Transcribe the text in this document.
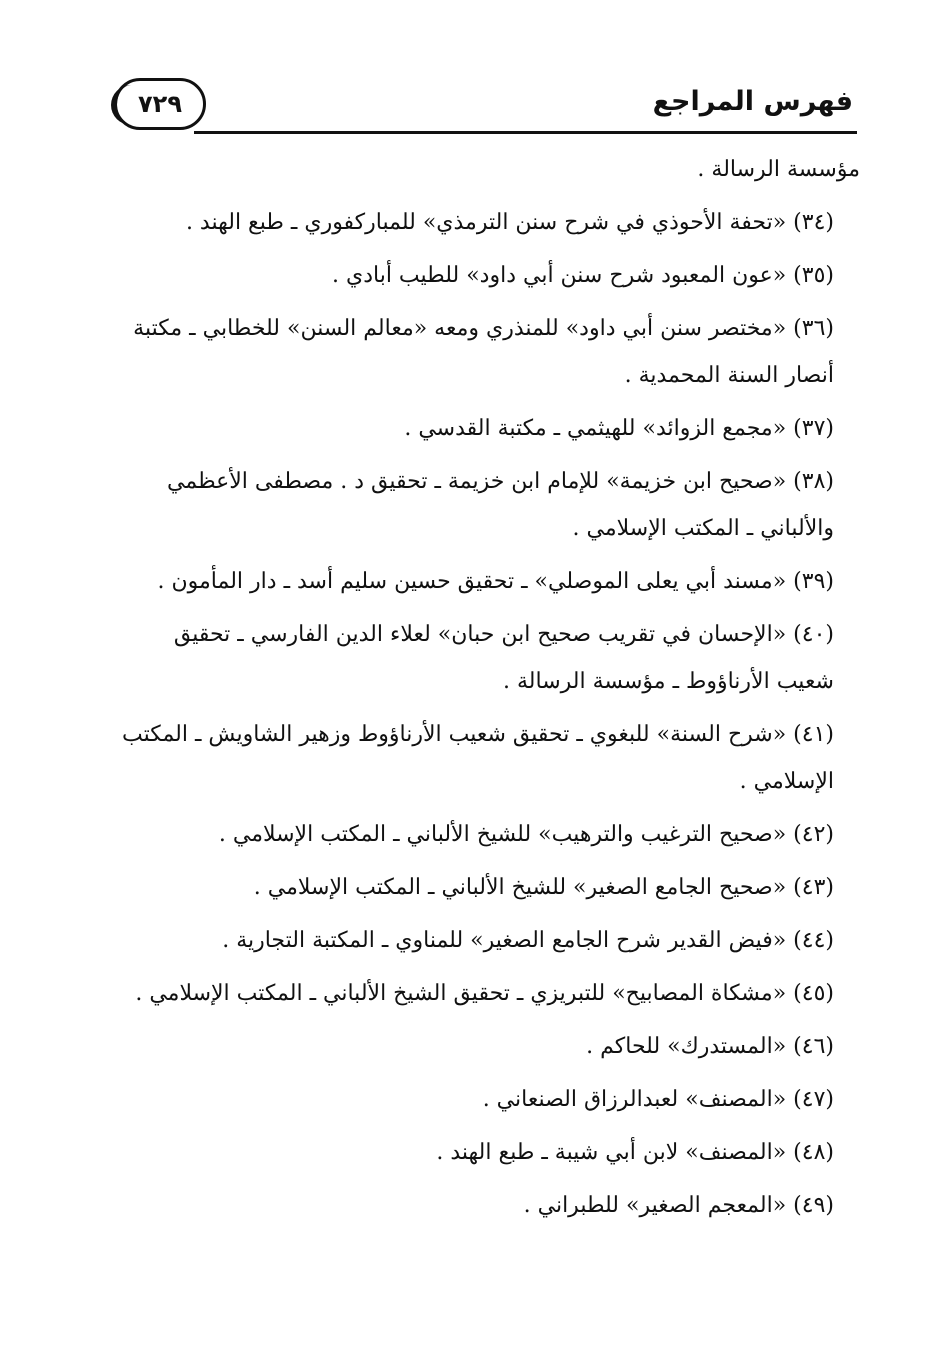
فهرس المراجع
٧٢٩

مؤسسة الرسالة .

(٣٤) «تحفة الأحوذي في شرح سنن الترمذي» للمباركفوري ـ طبع الهند .

(٣٥) «عون المعبود شرح سنن أبي داود» للطيب أبادي .

(٣٦) «مختصر سنن أبي داود» للمنذري ومعه «معالم السنن» للخطابي ـ مكتبة أنصار السنة المحمدية .

(٣٧) «مجمع الزوائد» للهيثمي ـ مكتبة القدسي .

(٣٨) «صحيح ابن خزيمة» للإمام ابن خزيمة ـ تحقيق د . مصطفى الأعظمي والألباني ـ المكتب الإسلامي .

(٣٩) «مسند أبي يعلى الموصلي» ـ تحقيق حسين سليم أسد ـ دار المأمون .

(٤٠) «الإحسان في تقريب صحيح ابن حبان» لعلاء الدين الفارسي ـ تحقيق شعيب الأرناؤوط ـ مؤسسة الرسالة .

(٤١) «شرح السنة» للبغوي ـ تحقيق شعيب الأرناؤوط وزهير الشاويش ـ المكتب الإسلامي .

(٤٢) «صحيح الترغيب والترهيب» للشيخ الألباني ـ المكتب الإسلامي .

(٤٣) «صحيح الجامع الصغير» للشيخ الألباني ـ المكتب الإسلامي .

(٤٤) «فيض القدير شرح الجامع الصغير» للمناوي ـ المكتبة التجارية .

(٤٥) «مشكاة المصابيح» للتبريزي ـ تحقيق الشيخ الألباني ـ المكتب الإسلامي .

(٤٦) «المستدرك» للحاكم .

(٤٧) «المصنف» لعبدالرزاق الصنعاني .

(٤٨) «المصنف» لابن أبي شيبة ـ طبع الهند .

(٤٩) «المعجم الصغير» للطبراني .
